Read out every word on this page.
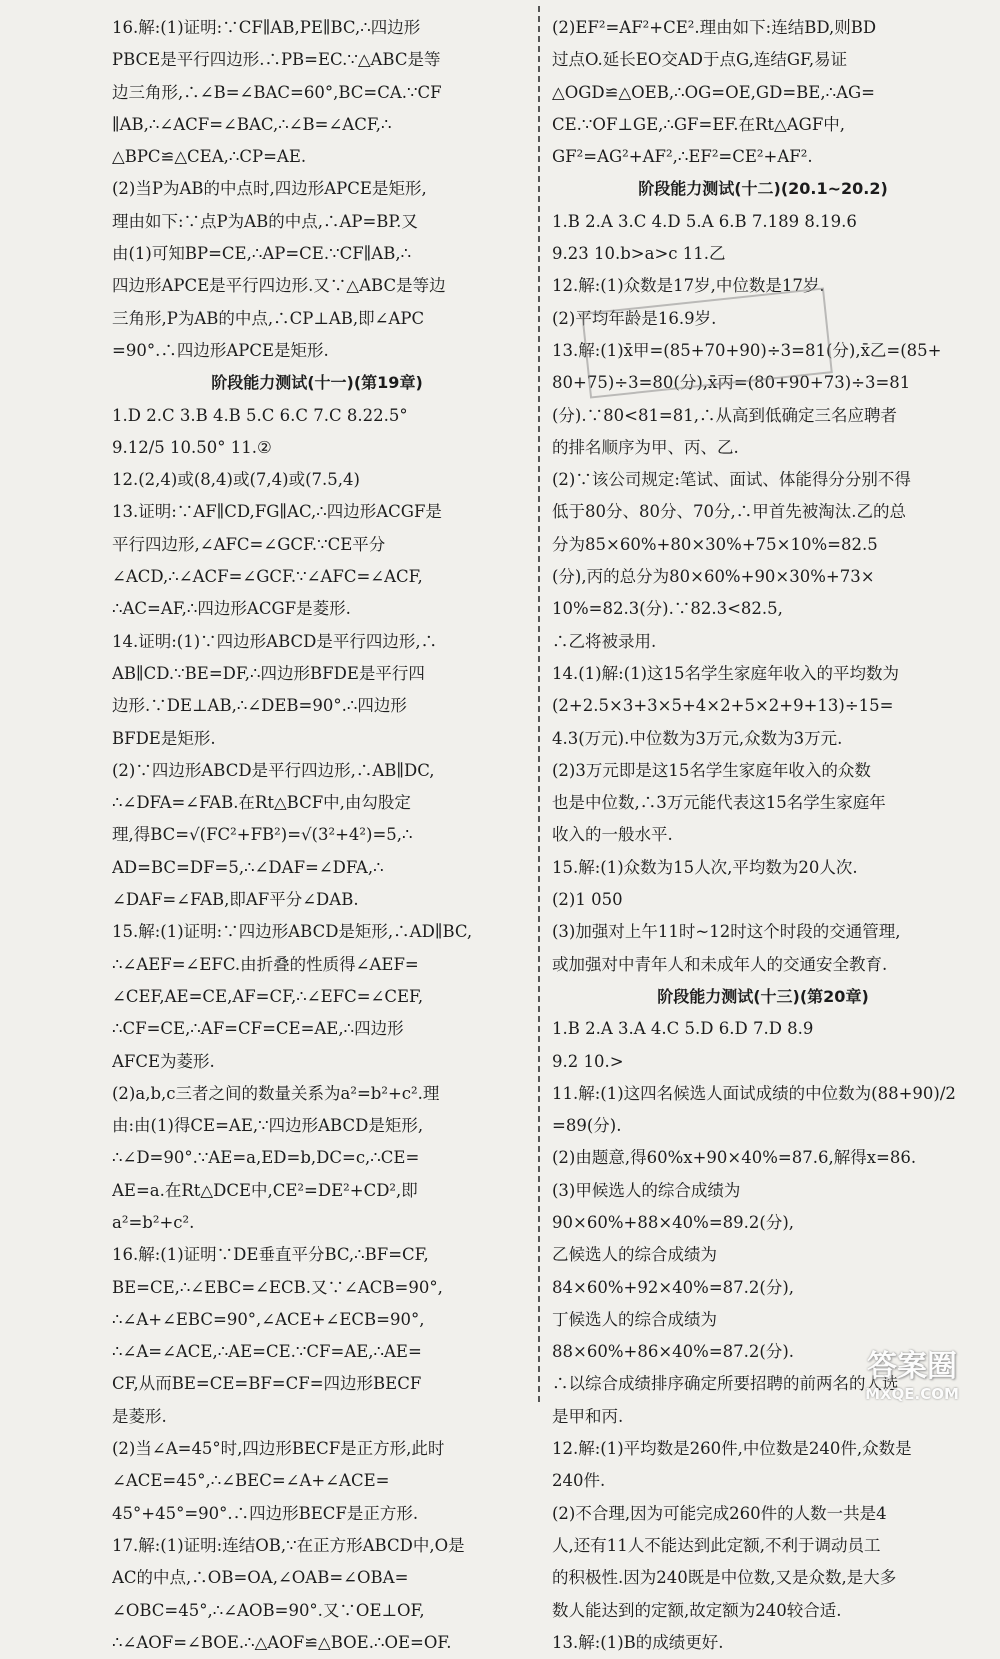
16.解:(1)证明:∵CF∥AB,PE∥BC,∴四边形
PBCE是平行四边形.∴PB=EC.∵△ABC是等
边三角形,∴∠B=∠BAC=60°,BC=CA.∵CF
∥AB,∴∠ACF=∠BAC,∴∠B=∠ACF,∴
△BPC≌△CEA,∴CP=AE.
(2)当P为AB的中点时,四边形APCE是矩形,
理由如下:∵点P为AB的中点,∴AP=BP.又
由(1)可知BP=CE,∴AP=CE.∵CF∥AB,∴
四边形APCE是平行四边形.又∵△ABC是等边
三角形,P为AB的中点,∴CP⊥AB,即∠APC
=90°.∴四边形APCE是矩形.
阶段能力测试(十一)(第19章)
1.D 2.C 3.B 4.B 5.C 6.C 7.C 8.22.5°
9.12/5 10.50° 11.②
12.(2,4)或(8,4)或(7,4)或(7.5,4)
13.证明:∵AF∥CD,FG∥AC,∴四边形ACGF是
平行四边形,∠AFC=∠GCF.∵CE平分
∠ACD,∴∠ACF=∠GCF.∵∠AFC=∠ACF,
∴AC=AF,∴四边形ACGF是菱形.
14.证明:(1)∵四边形ABCD是平行四边形,∴
AB∥CD.∵BE=DF,∴四边形BFDE是平行四
边形.∵DE⊥AB,∴∠DEB=90°.∴四边形
BFDE是矩形.
(2)∵四边形ABCD是平行四边形,∴AB∥DC,
∴∠DFA=∠FAB.在Rt△BCF中,由勾股定
理,得BC=√(FC²+FB²)=√(3²+4²)=5,∴
AD=BC=DF=5,∴∠DAF=∠DFA,∴
∠DAF=∠FAB,即AF平分∠DAB.
15.解:(1)证明:∵四边形ABCD是矩形,∴AD∥BC,
∴∠AEF=∠EFC.由折叠的性质得∠AEF=
∠CEF,AE=CE,AF=CF,∴∠EFC=∠CEF,
∴CF=CE,∴AF=CF=CE=AE,∴四边形
AFCE为菱形.
(2)a,b,c三者之间的数量关系为a²=b²+c².理
由:由(1)得CE=AE,∵四边形ABCD是矩形,
∴∠D=90°.∵AE=a,ED=b,DC=c,∴CE=
AE=a.在Rt△DCE中,CE²=DE²+CD²,即
a²=b²+c².
16.解:(1)证明∵DE垂直平分BC,∴BF=CF,
BE=CE,∴∠EBC=∠ECB.又∵∠ACB=90°,
∴∠A+∠EBC=90°,∠ACE+∠ECB=90°,
∴∠A=∠ACE,∴AE=CE.∵CF=AE,∴AE=
CF,从而BE=CE=BF=CF=四边形BECF
是菱形.
(2)当∠A=45°时,四边形BECF是正方形,此时
∠ACE=45°,∴∠BEC=∠A+∠ACE=
45°+45°=90°.∴四边形BECF是正方形.
17.解:(1)证明:连结OB,∵在正方形ABCD中,O是
AC的中点,∴OB=OA,∠OAB=∠OBA=
∠OBC=45°,∴∠AOB=90°.又∵OE⊥OF,
∴∠AOF=∠BOE.∴△AOF≌△BOE.∴OE=OF.
(2)EF²=AF²+CE².理由如下:连结BD,则BD
过点O.延长EO交AD于点G,连结GF,易证
△OGD≌△OEB,∴OG=OE,GD=BE,∴AG=
CE.∵OF⊥GE,∴GF=EF.在Rt△AGF中,
GF²=AG²+AF²,∴EF²=CE²+AF².
阶段能力测试(十二)(20.1~20.2)
1.B 2.A 3.C 4.D 5.A 6.B 7.189 8.19.6
9.23 10.b>a>c 11.乙
12.解:(1)众数是17岁,中位数是17岁.
(2)平均年龄是16.9岁.
13.解:(1)x̄甲=(85+70+90)÷3=81(分),x̄乙=(85+
80+75)÷3=80(分),x̄丙=(80+90+73)÷3=81
(分).∵80<81=81,∴从高到低确定三名应聘者
的排名顺序为甲、丙、乙.
(2)∵该公司规定:笔试、面试、体能得分分别不得
低于80分、80分、70分,∴甲首先被淘汰.乙的总
分为85×60%+80×30%+75×10%=82.5
(分),丙的总分为80×60%+90×30%+73×
10%=82.3(分).∵82.3<82.5,
∴乙将被录用.
14.(1)解:(1)这15名学生家庭年收入的平均数为
(2+2.5×3+3×5+4×2+5×2+9+13)÷15=
4.3(万元).中位数为3万元,众数为3万元.
(2)3万元即是这15名学生家庭年收入的众数
也是中位数,∴3万元能代表这15名学生家庭年
收入的一般水平.
15.解:(1)众数为15人次,平均数为20人次.
(2)1 050
(3)加强对上午11时~12时这个时段的交通管理,
或加强对中青年人和未成年人的交通安全教育.
阶段能力测试(十三)(第20章)
1.B 2.A 3.A 4.C 5.D 6.D 7.D 8.9
9.2 10.>
11.解:(1)这四名候选人面试成绩的中位数为(88+90)/2
=89(分).
(2)由题意,得60%x+90×40%=87.6,解得x=86.
(3)甲候选人的综合成绩为
90×60%+88×40%=89.2(分),
乙候选人的综合成绩为
84×60%+92×40%=87.2(分),
丁候选人的综合成绩为
88×60%+86×40%=87.2(分).
∴以综合成绩排序确定所要招聘的前两名的人选
是甲和丙.
12.解:(1)平均数是260件,中位数是240件,众数是
240件.
(2)不合理,因为可能完成260件的人数一共是4
人,还有11人不能达到此定额,不利于调动员工
的积极性.因为240既是中位数,又是众数,是大多
数人能达到的定额,故定额为240较合适.
13.解:(1)B的成绩更好.
答案圈
MXQE.COM
